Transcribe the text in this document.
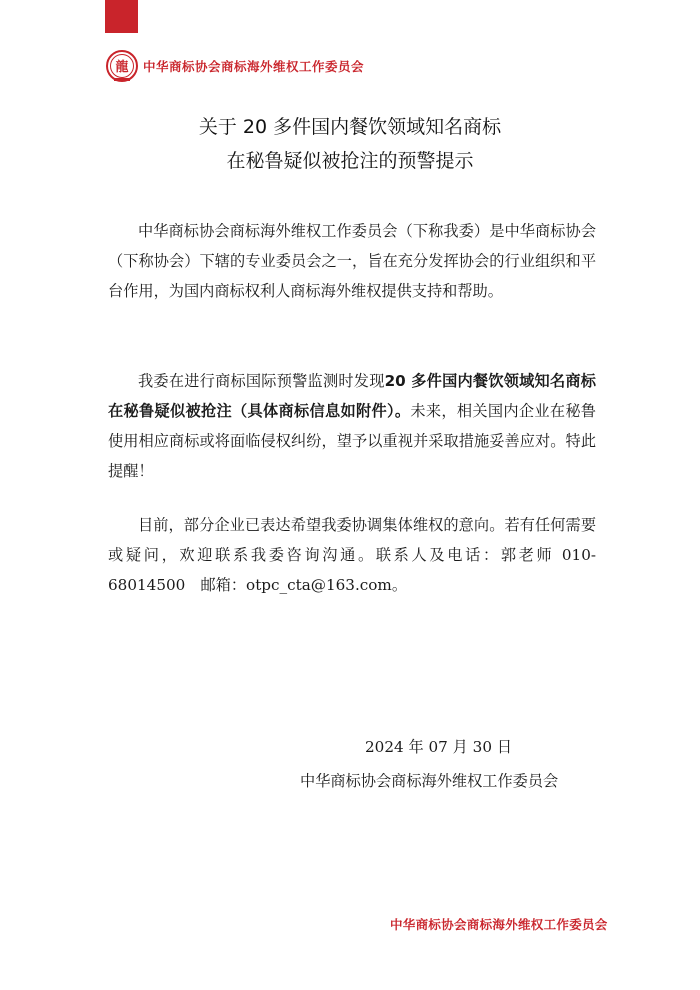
龍 中华商标协会商标海外维权工作委员会
关于 20 多件国内餐饮领域知名商标
在秘鲁疑似被抢注的预警提示

中华商标协会商标海外维权工作委员会（下称我委）是中华商标协会（下称协会）下辖的专业委员会之一，旨在充分发挥协会的行业组织和平台作用，为国内商标权利人商标海外维权提供支持和帮助。

我委在进行商标国际预警监测时发现20 多件国内餐饮领域知名商标在秘鲁疑似被抢注（具体商标信息如附件）。未来，相关国内企业在秘鲁使用相应商标或将面临侵权纠纷，望予以重视并采取措施妥善应对。特此提醒！

目前，部分企业已表达希望我委协调集体维权的意向。若有任何需要或疑问，欢迎联系我委咨询沟通。联系人及电话：郭老师 010-68014500　邮箱：otpc_cta@163.com。

2024 年 07 月 30 日
中华商标协会商标海外维权工作委员会
中华商标协会商标海外维权工作委员会
